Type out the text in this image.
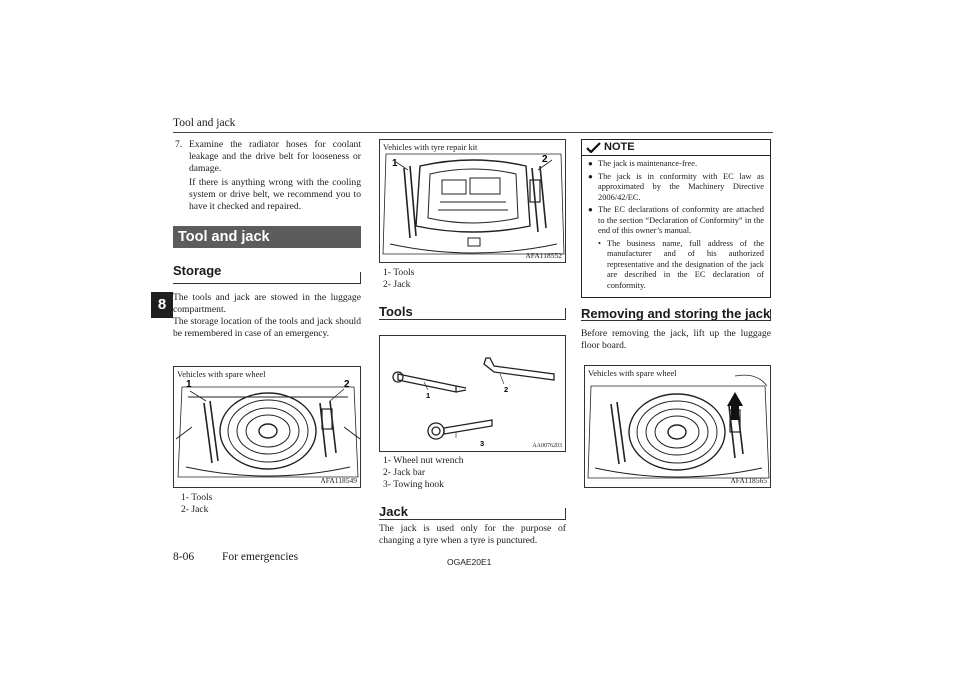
Tool and jack
8
7. Examine the radiator hoses for coolant leakage and the drive belt for looseness or damage.
If there is anything wrong with the cooling system or drive belt, we recommend you to have it checked and repaired.
Tool and jack
Storage
The tools and jack are stowed in the luggage compartment.
The storage location of the tools and jack should be remembered in case of an emergency.
Vehicles with spare wheel
1	2
AFA118549
1- Tools
2- Jack
Vehicles with tyre repair kit
1	2
AFA118552
1- Tools
2- Jack
Tools
1
2
3	AA0076203
1- Wheel nut wrench
2- Jack bar
3- Towing hook
Jack
The jack is used only for the purpose of changing a tyre when a tyre is punctured.
NOTE
● The jack is maintenance-free.
● The jack is in conformity with EC law as approximated by the Machinery Directive 2006/42/EC.
● The EC declarations of conformity are attached to the section “Declaration of Conformity” in the end of this owner’s manual.
• The business name, full address of the manufacturer and of his authorized representative and the designation of the jack are described in the EC declaration of conformity.
Removing and storing the jack
Before removing the jack, lift up the luggage floor board.
Vehicles with spare wheel
AFA118565
8-06 For emergencies	OGAE20E1
